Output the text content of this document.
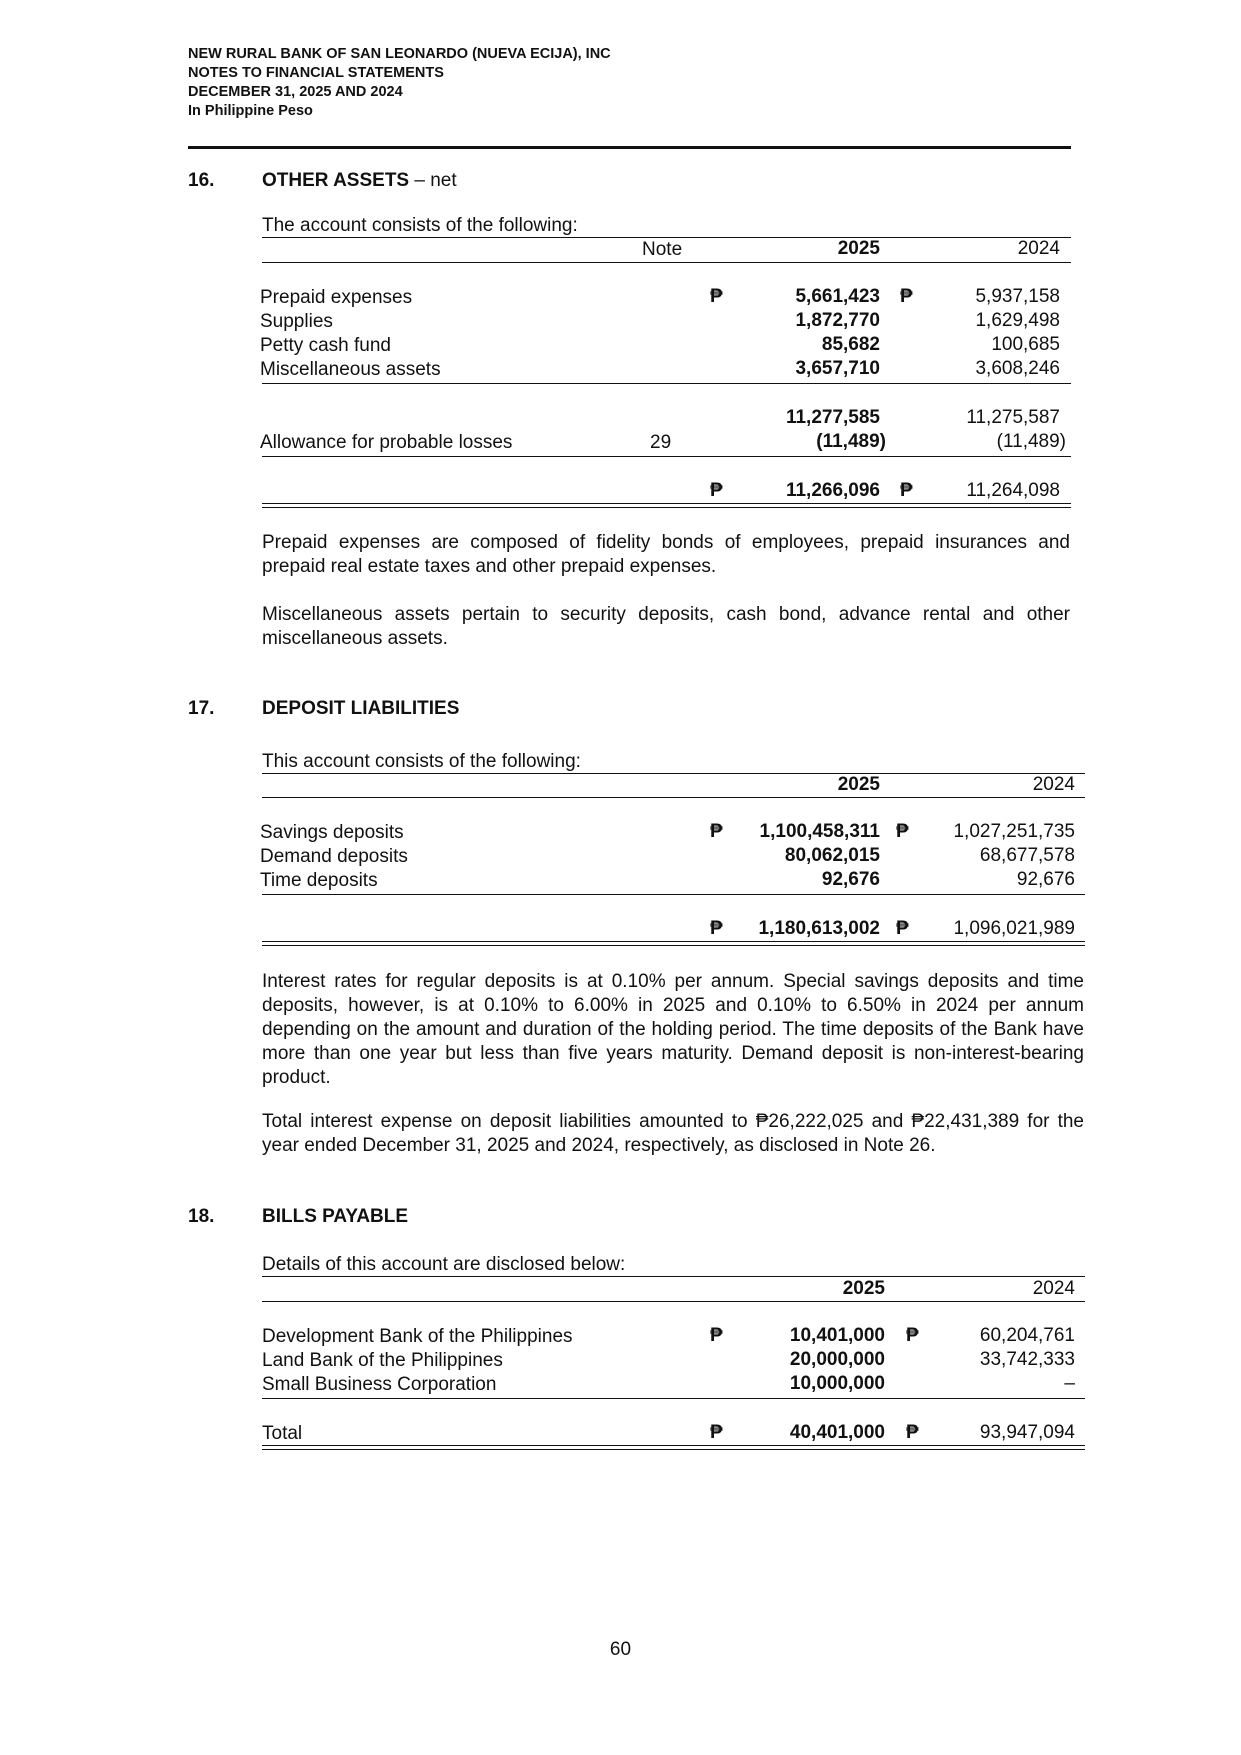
NEW RURAL BANK OF SAN LEONARDO (NUEVA ECIJA), INC
NOTES TO FINANCIAL STATEMENTS
DECEMBER 31, 2025 AND 2024
In Philippine Peso
16.	OTHER ASSETS – net
The account consists of the following:
Note	2025	2024
Prepaid expenses	₱	5,661,423 ₱	5,937,158
Supplies	1,872,770	1,629,498
Petty cash fund	85,682	100,685
Miscellaneous assets	3,657,710	3,608,246
11,277,585	11,275,587
Allowance for probable losses	29	(11,489)	(11,489)
₱	11,266,096 ₱	11,264,098
Prepaid expenses are composed of fidelity bonds of employees, prepaid insurances and prepaid real estate taxes and other prepaid expenses.
Miscellaneous assets pertain to security deposits, cash bond, advance rental and other miscellaneous assets.
17.	DEPOSIT LIABILITIES
This account consists of the following:
2025	2024
Savings deposits	₱	1,100,458,311 ₱	1,027,251,735
Demand deposits	80,062,015	68,677,578
Time deposits	92,676	92,676
₱	1,180,613,002 ₱	1,096,021,989
Interest rates for regular deposits is at 0.10% per annum. Special savings deposits and time deposits, however, is at 0.10% to 6.00% in 2025 and 0.10% to 6.50% in 2024 per annum depending on the amount and duration of the holding period. The time deposits of the Bank have more than one year but less than five years maturity. Demand deposit is non-interest-bearing product.
Total interest expense on deposit liabilities amounted to ₱26,222,025 and ₱22,431,389 for the year ended December 31, 2025 and 2024, respectively, as disclosed in Note 26.
18.	BILLS PAYABLE
Details of this account are disclosed below:
2025	2024
Development Bank of the Philippines	₱	10,401,000 ₱	60,204,761
Land Bank of the Philippines	20,000,000	33,742,333
Small Business Corporation	10,000,000	–
Total	₱	40,401,000 ₱	93,947,094
60
